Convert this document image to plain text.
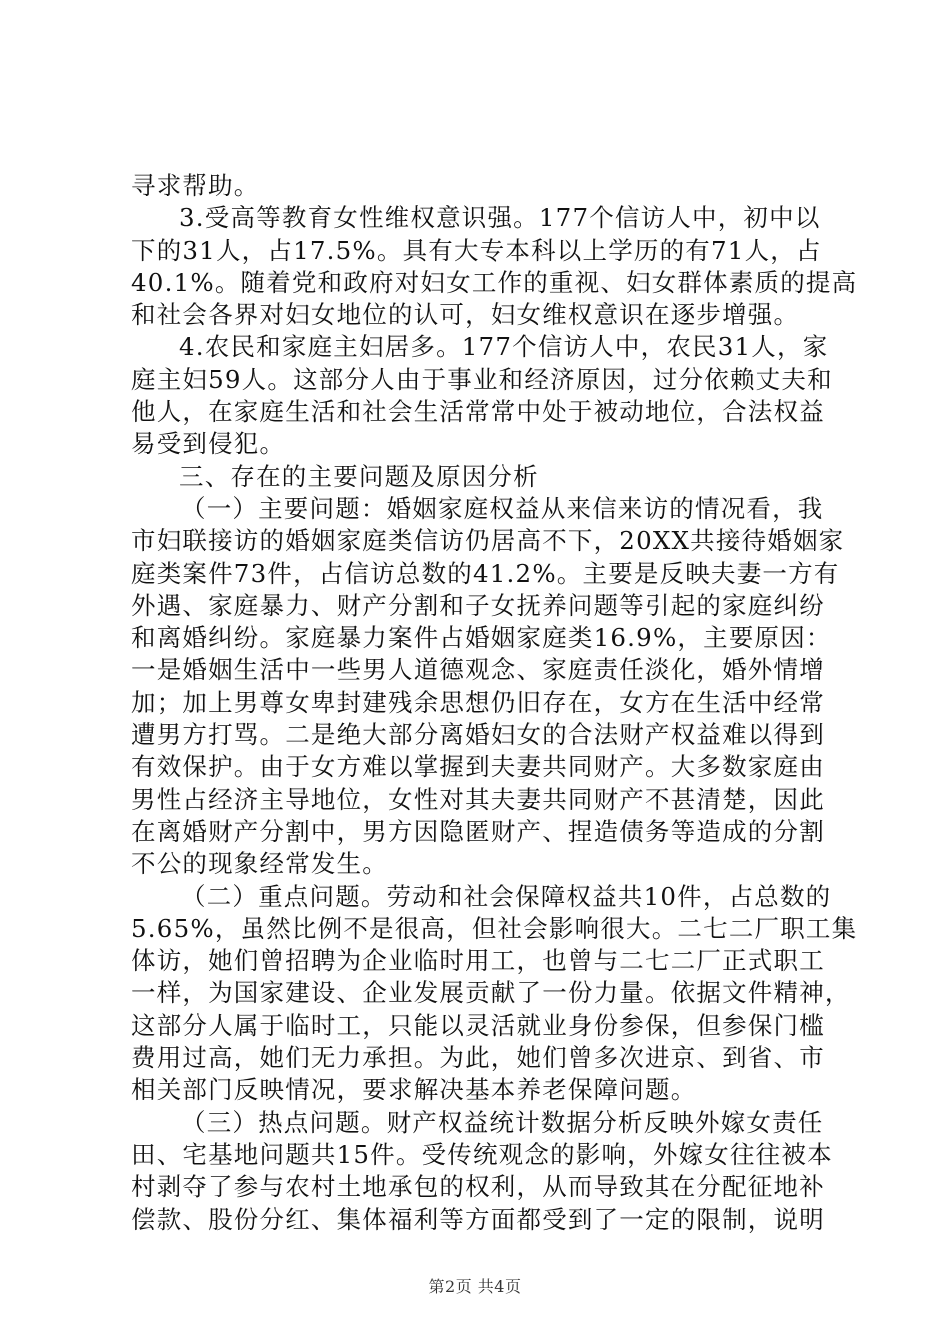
寻求帮助。
3.受高等教育女性维权意识强。177个信访人中，初中以
下的31人，占17.5%。具有大专本科以上学历的有71人，占
40.1%。随着党和政府对妇女工作的重视、妇女群体素质的提高
和社会各界对妇女地位的认可，妇女维权意识在逐步增强。
4.农民和家庭主妇居多。177个信访人中，农民31人，家
庭主妇59人。这部分人由于事业和经济原因，过分依赖丈夫和
他人，在家庭生活和社会生活常常中处于被动地位，合法权益
易受到侵犯。
三、存在的主要问题及原因分析
（一）主要问题：婚姻家庭权益从来信来访的情况看，我
市妇联接访的婚姻家庭类信访仍居高不下，20XX共接待婚姻家
庭类案件73件，占信访总数的41.2%。主要是反映夫妻一方有
外遇、家庭暴力、财产分割和子女抚养问题等引起的家庭纠纷
和离婚纠纷。家庭暴力案件占婚姻家庭类16.9%，主要原因：
一是婚姻生活中一些男人道德观念、家庭责任淡化，婚外情增
加；加上男尊女卑封建残余思想仍旧存在，女方在生活中经常
遭男方打骂。二是绝大部分离婚妇女的合法财产权益难以得到
有效保护。由于女方难以掌握到夫妻共同财产。大多数家庭由
男性占经济主导地位，女性对其夫妻共同财产不甚清楚，因此
在离婚财产分割中，男方因隐匿财产、捏造债务等造成的分割
不公的现象经常发生。
（二）重点问题。劳动和社会保障权益共10件，占总数的
5.65%，虽然比例不是很高，但社会影响很大。二七二厂职工集
体访，她们曾招聘为企业临时用工，也曾与二七二厂正式职工
一样，为国家建设、企业发展贡献了一份力量。依据文件精神，
这部分人属于临时工，只能以灵活就业身份参保，但参保门槛
费用过高，她们无力承担。为此，她们曾多次进京、到省、市
相关部门反映情况，要求解决基本养老保障问题。
（三）热点问题。财产权益统计数据分析反映外嫁女责任
田、宅基地问题共15件。受传统观念的影响，外嫁女往往被本
村剥夺了参与农村土地承包的权利，从而导致其在分配征地补
偿款、股份分红、集体福利等方面都受到了一定的限制，说明
第2页 共4页
